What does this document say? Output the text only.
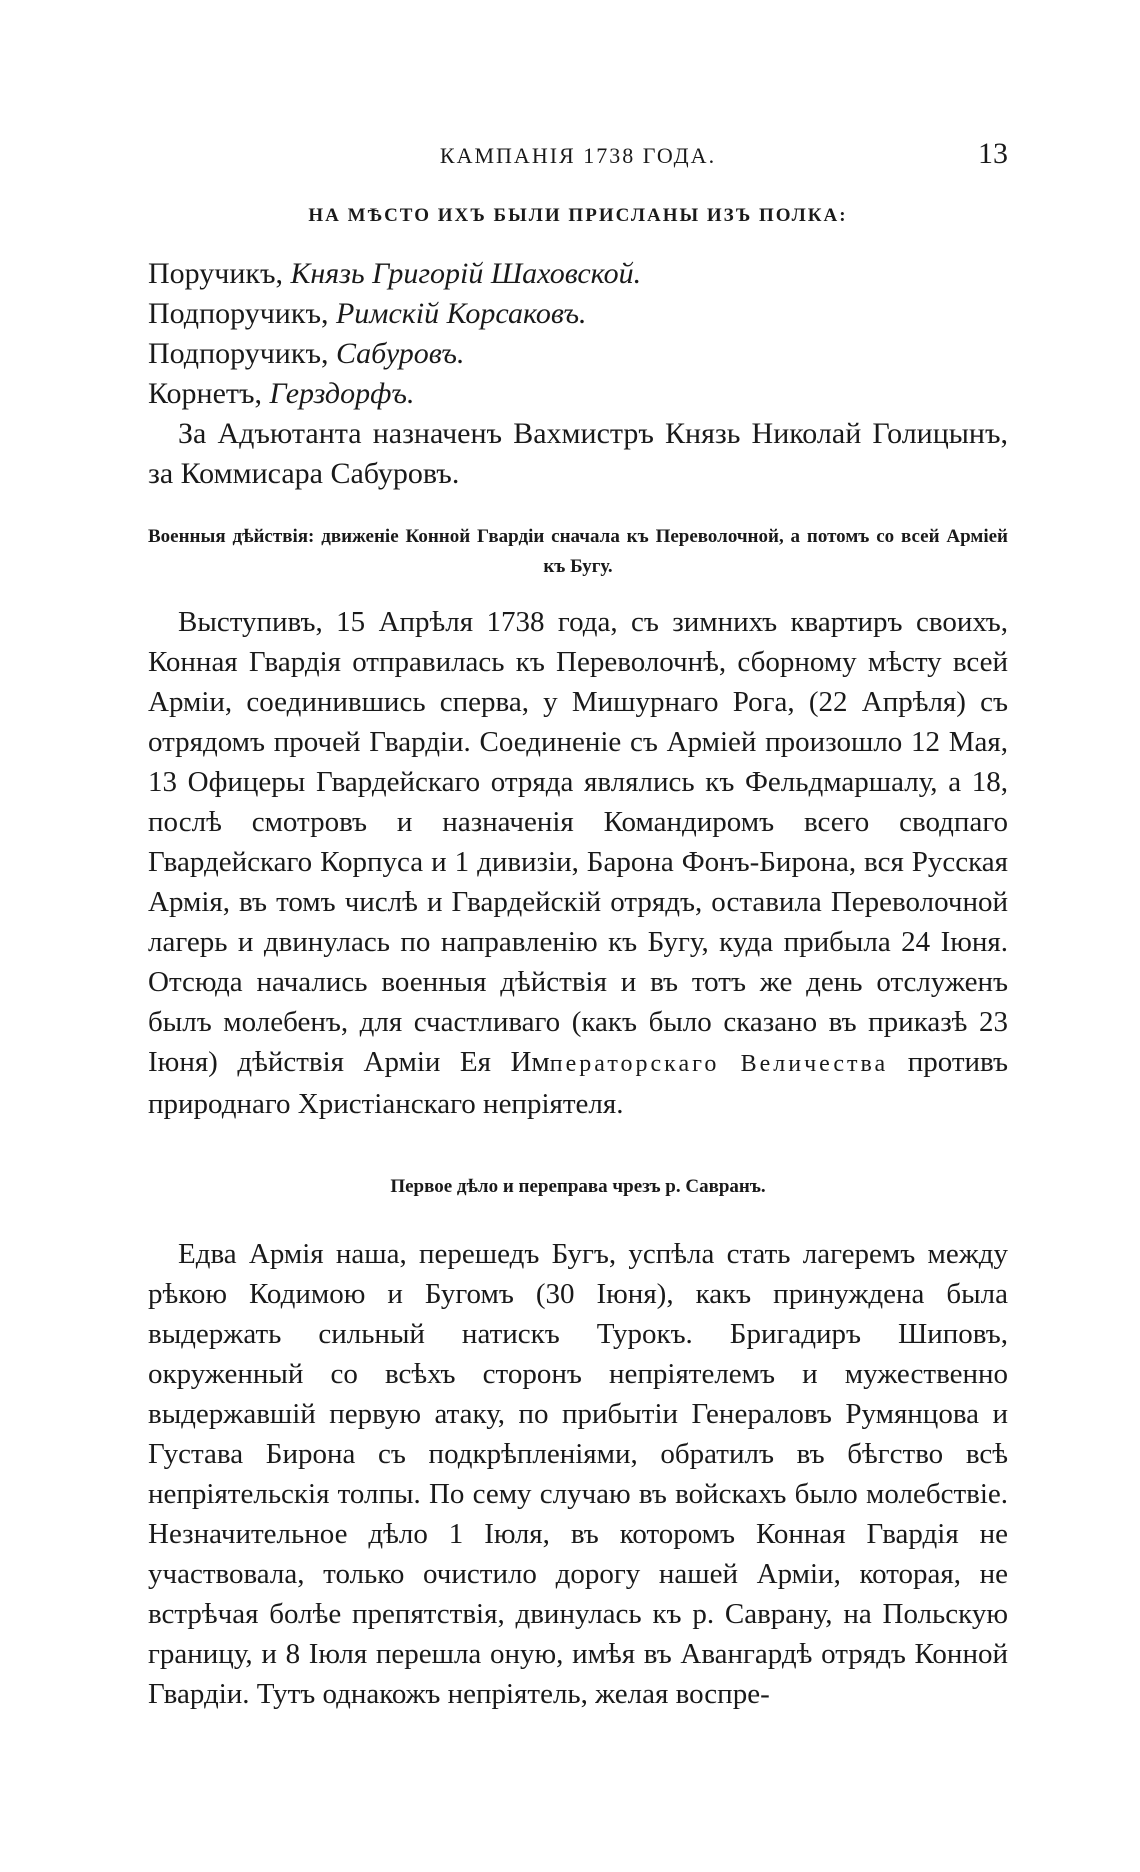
КАМПАНІЯ 1738 ГОДА.	13
НА МѢСТО ИХЪ БЫЛИ ПРИСЛАНЫ ИЗЪ ПОЛКА:
Поручикъ, Князь Григорій Шаховской.
Подпоручикъ, Римскій Корсаковъ.
Подпоручикъ, Сабуровъ.
Корнетъ, Герздорфъ.

За Адъютанта назначенъ Вахмистръ Князь Николай Голицынъ, за Коммисара Сабуровъ.

Военныя дѣйствія: движеніе Конной Гвардіи сначала къ Переволочной, а потомъ со всей Арміей къ Бугу.

Выступивъ, 15 Апрѣля 1738 года, съ зимнихъ квартиръ своихъ, Конная Гвардія отправилась къ Переволочнѣ, сборному мѣсту всей Арміи, соединившись сперва, у Мишурнаго Рога, (22 Апрѣля) съ отрядомъ прочей Гвардіи. Соединеніе съ Арміей произошло 12 Мая, 13 Офицеры Гвардейскаго отряда являлись къ Фельдмаршалу, а 18, послѣ смотровъ и назначенія Командиромъ всего сводпаго Гвардейскаго Корпуса и 1 дивизіи, Барона Фонъ-Бирона, вся Русская Армія, въ томъ числѣ и Гвардейскій отрядъ, оставила Переволочной лагерь и двинулась по направленію къ Бугу, куда прибыла 24 Іюня. Отсюда начались военныя дѣйствія и въ тотъ же день отслуженъ былъ молебенъ, для счастливаго (какъ было сказано въ приказѣ 23 Іюня) дѣйствія Арміи Ея Императорскаго Величества противъ природнаго Христіанскаго непріятеля.

Первое дѣло и переправа чрезъ р. Савранъ.

Едва Армія наша, перешедъ Бугъ, успѣла стать лагеремъ между рѣкою Кодимою и Бугомъ (30 Іюня), какъ принуждена была выдержать сильный натискъ Турокъ. Бригадиръ Шиповъ, окруженный со всѣхъ сторонъ непріятелемъ и мужественно выдержавшій первую атаку, по прибытіи Генераловъ Румянцова и Густава Бирона съ подкрѣпленіями, обратилъ въ бѣгство всѣ непріятельскія толпы. По сему случаю въ войскахъ было молебствіе. Незначительное дѣло 1 Іюля, въ которомъ Конная Гвардія не участвовала, только очистило дорогу нашей Арміи, которая, не встрѣчая болѣе препятствія, двинулась къ р. Саврану, на Польскую границу, и 8 Іюля перешла оную, имѣя въ Авангардѣ отрядъ Конной Гвардіи. Тутъ однакожъ непріятель, желая воспре-
